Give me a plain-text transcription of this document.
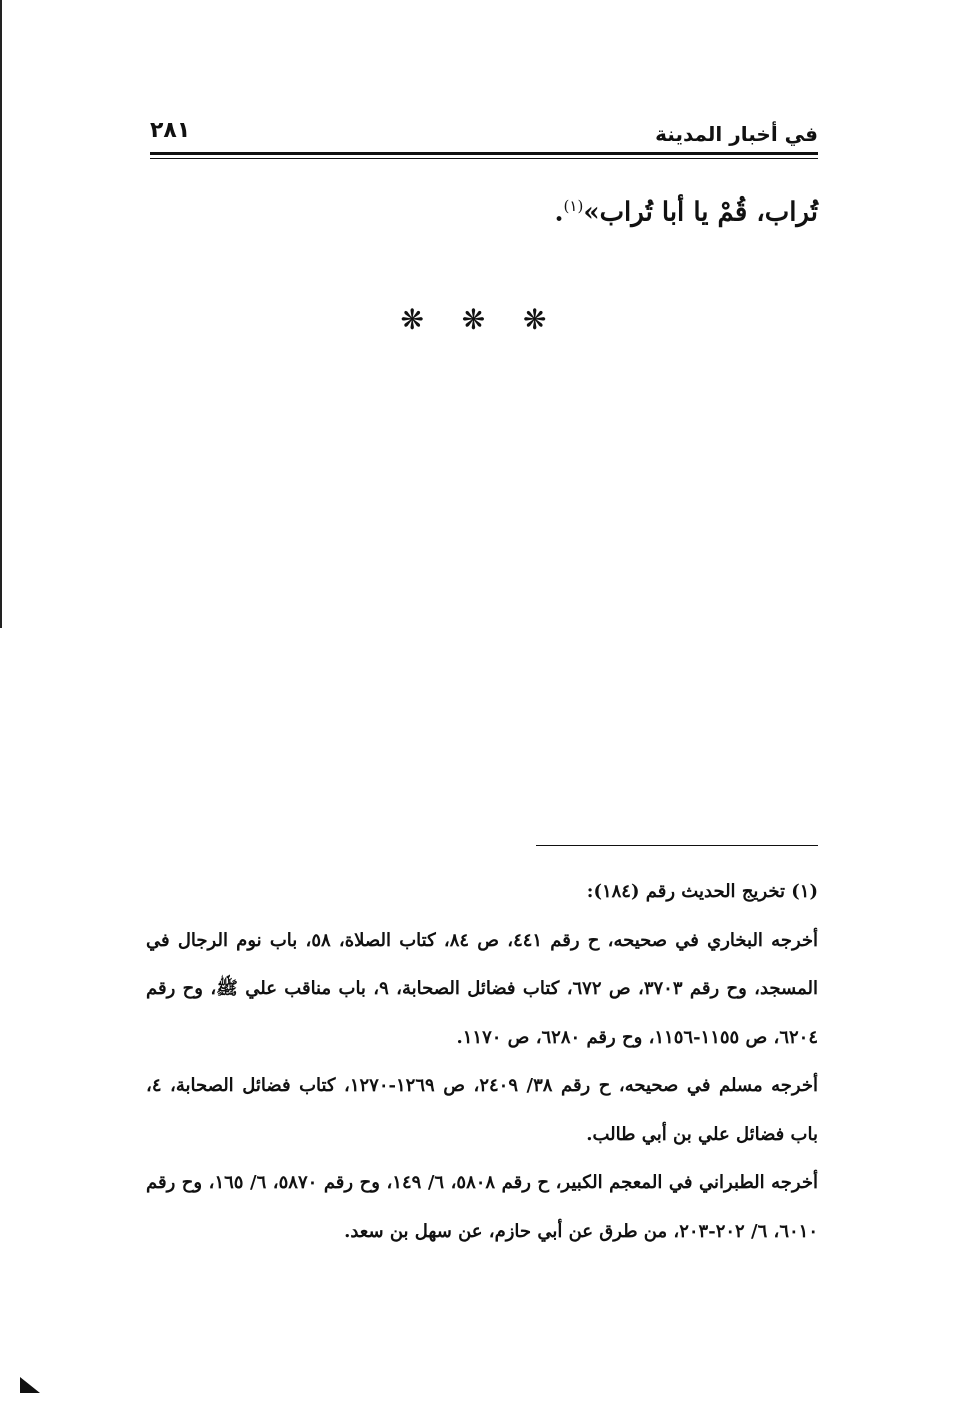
٢٨١	في أخبار المدينة
تُراب، قُمْ يا أبا تُراب»$^{(١)}$.
❋ ❋ ❋

(١) تخريج الحديث رقم (١٨٤):

أخرجه البخاري في صحيحه، ح رقم ٤٤١، ص ٨٤، كتاب الصلاة، ٥٨، باب نوم الرجال في المسجد، وح رقم ٣٧٠٣، ص ٦٧٢، كتاب فضائل الصحابة، ٩، باب مناقب علي ﷺ، وح رقم ٦٢٠٤، ص ١١٥٥-١١٥٦، وح رقم ٦٢٨٠، ص ١١٧٠.

أخرجه مسلم في صحيحه، ح رقم ٣٨/ ٢٤٠٩، ص ١٢٦٩-١٢٧٠، كتاب فضائل الصحابة، ٤، باب فضائل علي بن أبي طالب.

أخرجه الطبراني في المعجم الكبير، ح رقم ٥٨٠٨، ٦/ ١٤٩، وح رقم ٥٨٧٠، ٦/ ١٦٥، وح رقم ٦٠١٠، ٦/ ٢٠٢-٢٠٣، من طرق عن أبي حازم، عن سهل بن سعد.
